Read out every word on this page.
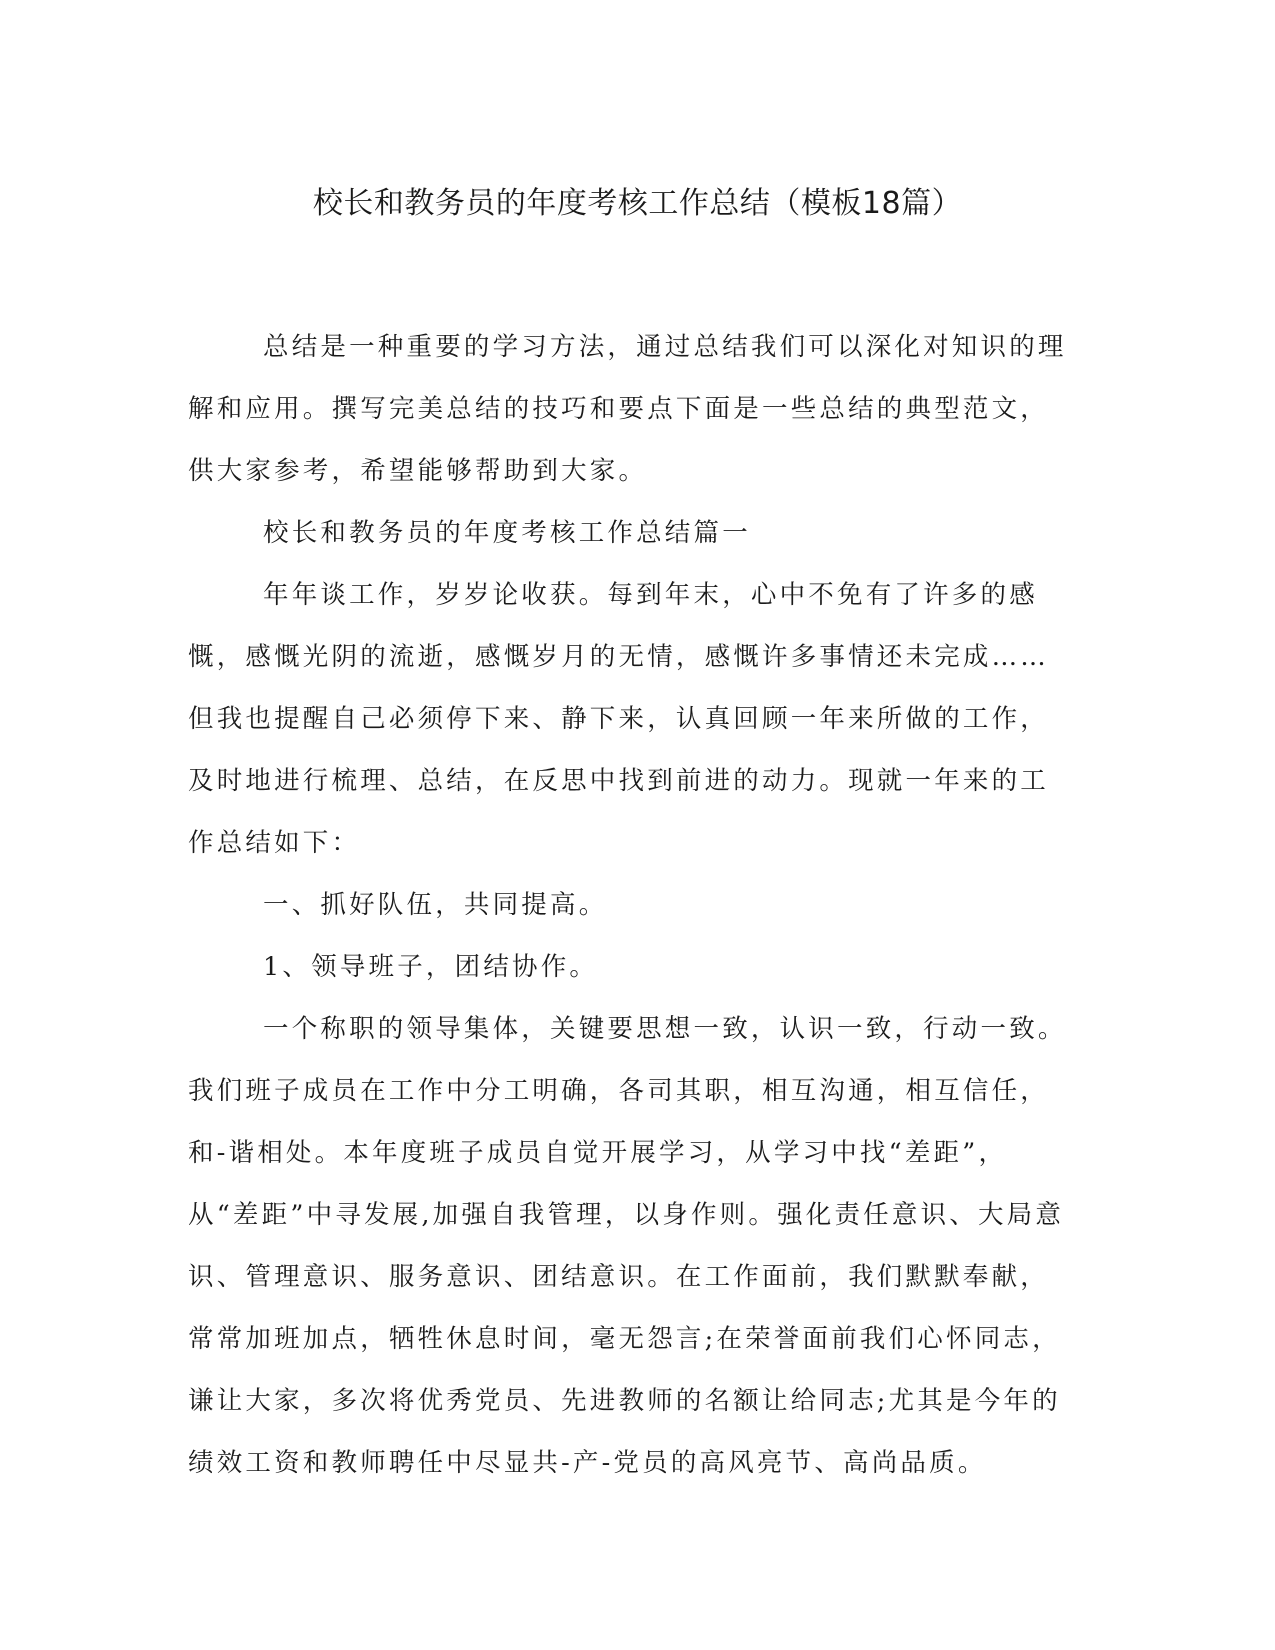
校长和教务员的年度考核工作总结（模板18篇）

总结是一种重要的学习方法，通过总结我们可以深化对知识的理解和应用。撰写完美总结的技巧和要点下面是一些总结的典型范文，供大家参考，希望能够帮助到大家。

校长和教务员的年度考核工作总结篇一

年年谈工作，岁岁论收获。每到年末，心中不免有了许多的感慨，感慨光阴的流逝，感慨岁月的无情，感慨许多事情还未完成……但我也提醒自己必须停下来、静下来，认真回顾一年来所做的工作，及时地进行梳理、总结，在反思中找到前进的动力。现就一年来的工作总结如下：

一、抓好队伍，共同提高。

1、领导班子，团结协作。

一个称职的领导集体，关键要思想一致，认识一致，行动一致。我们班子成员在工作中分工明确，各司其职，相互沟通，相互信任，和-谐相处。本年度班子成员自觉开展学习，从学习中找“差距”，从“差距”中寻发展,加强自我管理，以身作则。强化责任意识、大局意识、管理意识、服务意识、团结意识。在工作面前，我们默默奉献，常常加班加点，牺牲休息时间，毫无怨言;在荣誉面前我们心怀同志，谦让大家，多次将优秀党员、先进教师的名额让给同志;尤其是今年的绩效工资和教师聘任中尽显共-产-党员的高风亮节、高尚品质。
